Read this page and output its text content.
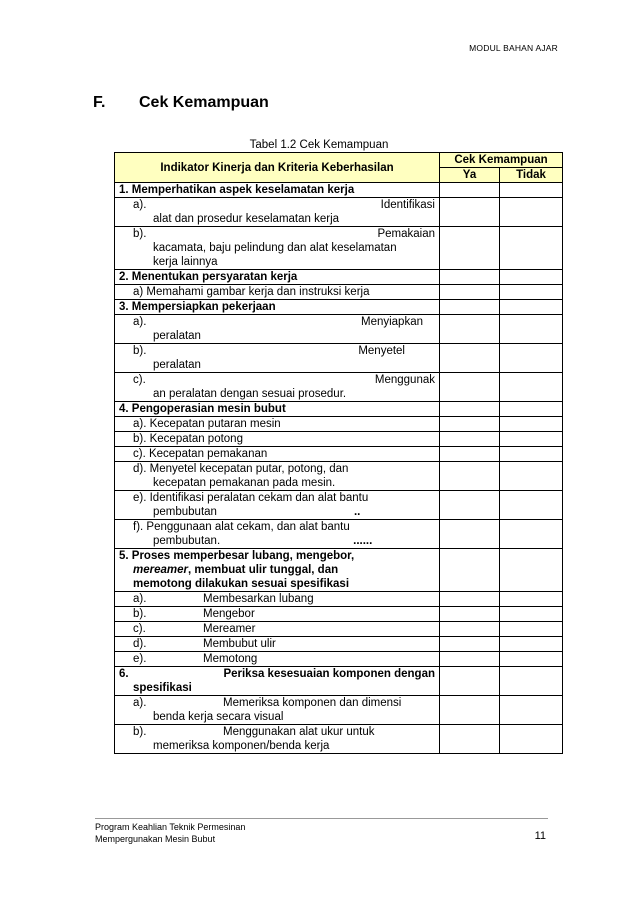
MODUL BAHAN AJAR
F. Cek Kemampuan
Tabel 1.2 Cek Kemampuan
Indikator Kinerja dan Kriteria Keberhasilan	Cek Kemampuan	
	Ya	Tidak
1. Memperhatikan aspek keselamatan kerja		

a). Identifikasi
alat dan prosedur keselamatan kerja		

b). Pemakaian
kacamata, baju pelindung dan alat keselamatan
kerja lainnya		

2. Menentukan persyaratan kerja		
a) Memahami gambar kerja dan instruksi kerja		
3. Mempersiapkan pekerjaan		

a). Menyiapkan
peralatan		

b). Menyetel
peralatan		

c). Menggunak
an peralatan dengan sesuai prosedur.		

4. Pengoperasian mesin bubut		
a). Kecepatan putaran mesin		
b). Kecepatan potong		
c). Kecepatan pemakanan		

d). Menyetel kecepatan putar, potong, dan
kecepatan pemakanan pada mesin.		

e). Identifikasi peralatan cekam dan alat bantu
pembubutan ..		

f). Penggunaan alat cekam, dan alat bantu
pembubutan. ......		

5. Proses memperbesar lubang, mengebor,
mereamer, membuat ulir tunggal, dan
memotong dilakukan sesuai spesifikasi		

a). Membesarkan lubang		
b). Mengebor		
c). Mereamer		
d). Membubut ulir		
e). Memotong		

6. Periksa kesesuaian komponen dengan
spesifikasi		

a). Memeriksa komponen dan dimensi
benda kerja secara visual		

b). Menggunakan alat ukur untuk
memeriksa komponen/benda kerja		

Program Keahlian Teknik Permesinan
Mempergunakan Mesin Bubut	11
